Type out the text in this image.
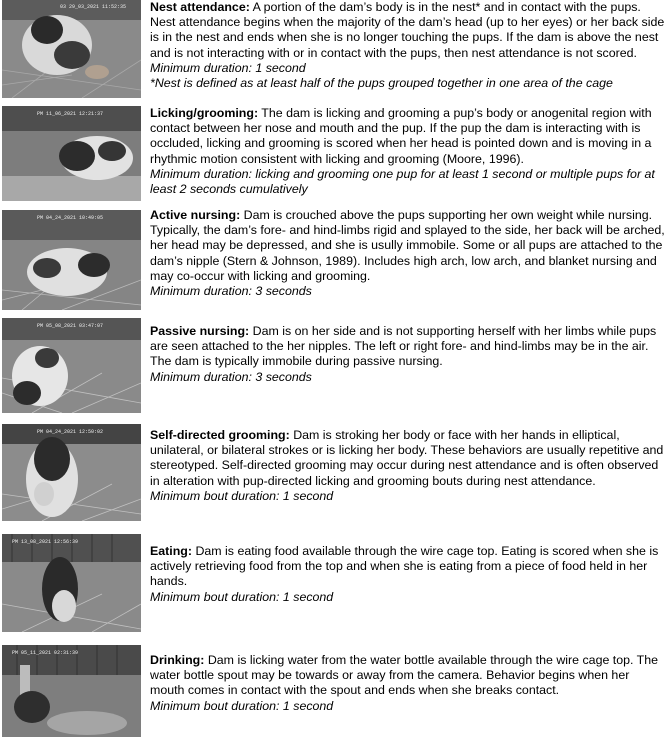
03 29_03_2021 11:52:35 Nest attendance: A portion of the dam’s body is in the nest* and in contact with the pups. Nest attendance begins when the majority of the dam’s head (up to her eyes) or her back side is in the nest and ends when she is no longer touching the pups. If the dam is above the nest and is not interacting with or in contact with the pups, then nest attendance is not scored.

Minimum duration: 1 second

*Nest is defined as at least half of the pups grouped together in one area of the cage

PM 11_06_2021 12:21:37	Licking/grooming: The dam is licking and grooming a pup’s body or anogenital region with contact between her nose and mouth and the pup. If the pup the dam is interacting with is occluded, licking and grooming is scored when her head is pointed down and is moving in a rhythmic motion consistent with licking and grooming (Moore, 1996).

Minimum duration: licking and grooming one pup for at least 1 second or multiple pups for at least 2 seconds cumulatively

PM 04_24_2021 10:49:05	Active nursing: Dam is crouched above the pups supporting her own weight while nursing. Typically, the dam’s fore- and hind-limbs rigid and splayed to the side, her back will be arched, her head may be depressed, and she is usully immobile. Some or all pups are attached to the dam’s nipple (Stern & Johnson, 1989). Includes high arch, low arch, and blanket nursing and may co-occur with licking and grooming.

Minimum duration: 3 seconds

PM 05_08_2021 03:47:07	Passive nursing: Dam is on her side and is not supporting herself with her limbs while pups are seen attached to the her nipples. The left or right fore- and hind-limbs may be in the air. The dam is typically immobile during passive nursing.

Minimum duration: 3 seconds

PM 04_24_2021 12:50:02	Self-directed grooming: Dam is stroking her body or face with her hands in elliptical, unilateral, or bilateral strokes or is licking her body. These behaviors are usually repetitive and stereotyped. Self-directed grooming may occur during nest attendance and is often observed in alteration with pup-directed licking and grooming bouts during nest attendance.

Minimum bout duration: 1 second

PM 13_08_2021 12:56:39

Eating: Dam is eating food available through the wire cage top. Eating is scored when she is actively retrieving food from the top and when she is eating from a piece of food held in her hands.

Minimum bout duration: 1 second

PM 05_11_2021 02:31:39	Drinking: Dam is licking water from the water bottle available through the wire cage top. The water bottle spout may be towards or away from the camera. Behavior begins when her mouth comes in contact with the spout and ends when she breaks contact.

Minimum bout duration: 1 second
